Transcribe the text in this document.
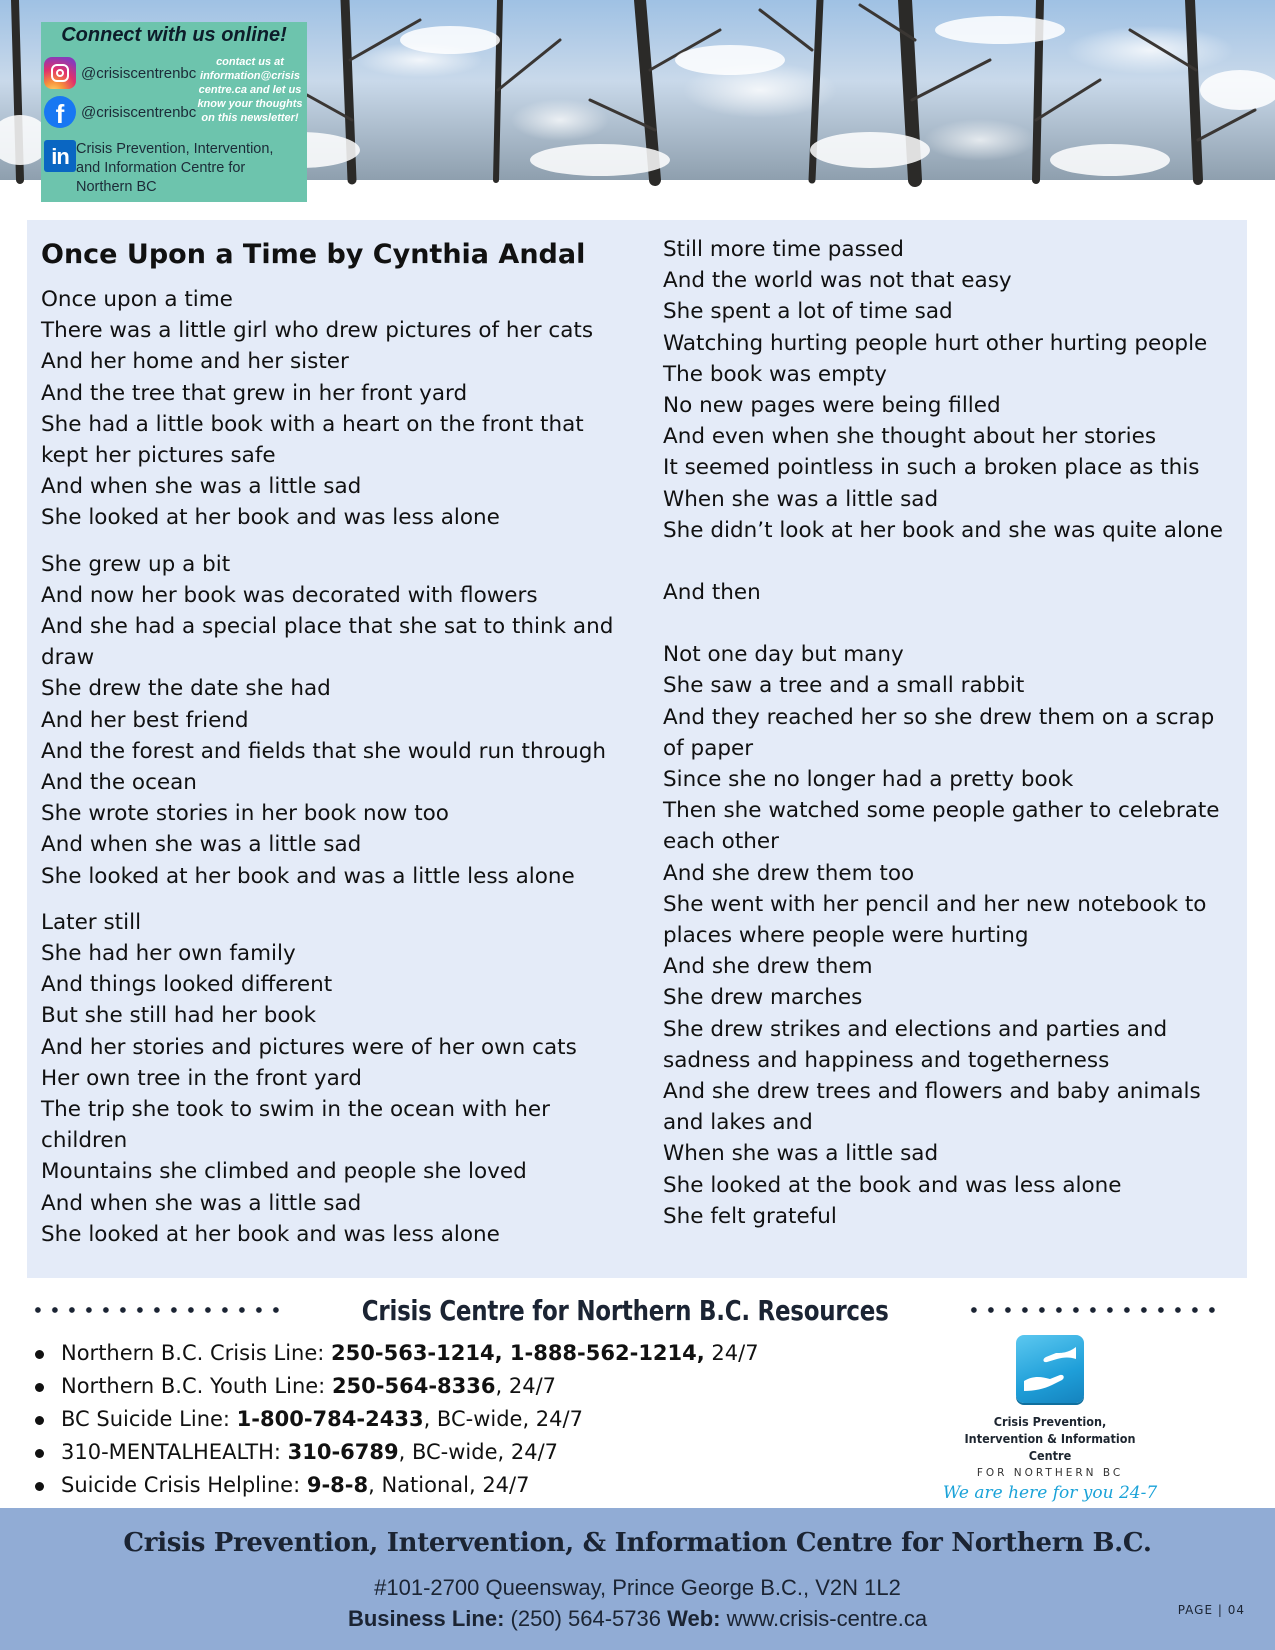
Connect with us online!
@crisiscentrenbc
f	@crisiscentrenbc
in Crisis Prevention, Intervention, and Information Centre for Northern BC
contact us at information@crisis centre.ca and let us know your thoughts on this newsletter!
Once Upon a Time by Cynthia Andal
Once upon a time
There was a little girl who drew pictures of her cats
And her home and her sister
And the tree that grew in her front yard
She had a little book with a heart on the front that
kept her pictures safe
And when she was a little sad
She looked at her book and was less alone
She grew up a bit
And now her book was decorated with flowers
And she had a special place that she sat to think and
draw
She drew the date she had
And her best friend
And the forest and fields that she would run through
And the ocean
She wrote stories in her book now too
And when she was a little sad
She looked at her book and was a little less alone
Later still
She had her own family
And things looked different
But she still had her book
And her stories and pictures were of her own cats
Her own tree in the front yard
The trip she took to swim in the ocean with her
children
Mountains she climbed and people she loved
And when she was a little sad
She looked at her book and was less alone
Still more time passed
And the world was not that easy
She spent a lot of time sad
Watching hurting people hurt other hurting people
The book was empty
No new pages were being filled
And even when she thought about her stories
It seemed pointless in such a broken place as this
When she was a little sad
She didn’t look at her book and she was quite alone
And then
Not one day but many
She saw a tree and a small rabbit
And they reached her so she drew them on a scrap
of paper
Since she no longer had a pretty book
Then she watched some people gather to celebrate
each other
And she drew them too
She went with her pencil and her new notebook to
places where people were hurting
And she drew them
She drew marches
She drew strikes and elections and parties and
sadness and happiness and togetherness
And she drew trees and flowers and baby animals
and lakes and
When she was a little sad
She looked at the book and was less alone
She felt grateful
Crisis Centre for Northern B.C. Resources
Northern B.C. Crisis Line: 250-563-1214, 1-888-562-1214, 24/7
Northern B.C. Youth Line: 250-564-8336, 24/7
BC Suicide Line: 1-800-784-2433, BC-wide, 24/7
310-MENTALHEALTH: 310-6789, BC-wide, 24/7
Suicide Crisis Helpline: 9-8-8, National, 24/7
Crisis Prevention,
Intervention & Information Centre
FOR NORTHERN BC
We are here for you 24-7
Crisis Prevention, Intervention, & Information Centre for Northern B.C.
#101-2700 Queensway, Prince George B.C., V2N 1L2
Business Line: (250) 564-5736 Web: www.crisis-centre.ca	PAGE | 04
